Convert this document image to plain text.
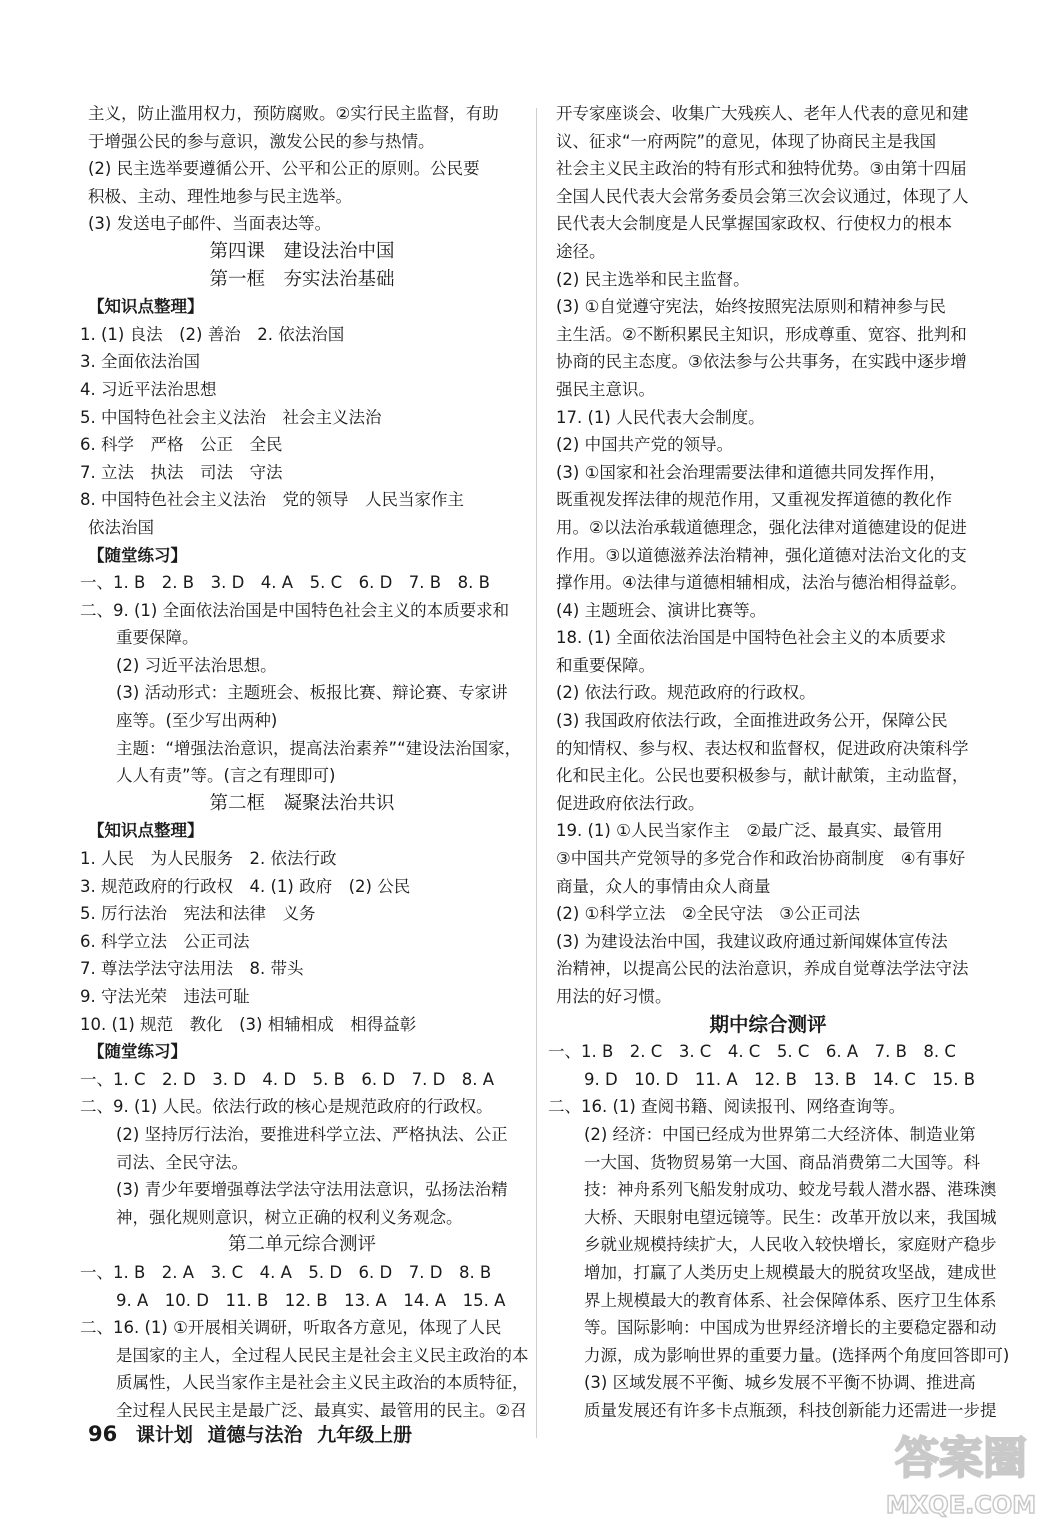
主义，防止滥用权力，预防腐败。②实行民主监督，有助
于增强公民的参与意识，激发公民的参与热情。
(2) 民主选举要遵循公开、公平和公正的原则。公民要
积极、主动、理性地参与民主选举。
(3) 发送电子邮件、当面表达等。
第四课　建设法治中国
第一框　夯实法治基础
【知识点整理】
1. (1) 良法　(2) 善治　2. 依法治国
3. 全面依法治国
4. 习近平法治思想
5. 中国特色社会主义法治　社会主义法治
6. 科学　严格　公正　全民
7. 立法　执法　司法　守法
8. 中国特色社会主义法治　党的领导　人民当家作主
依法治国
【随堂练习】
一、1. B　2. B　3. D　4. A　5. C　6. D　7. B　8. B
二、9. (1) 全面依法治国是中国特色社会主义的本质要求和
重要保障。
(2) 习近平法治思想。
(3) 活动形式：主题班会、板报比赛、辩论赛、专家讲
座等。(至少写出两种)
主题：“增强法治意识，提高法治素养”“建设法治国家，
人人有责”等。(言之有理即可)
第二框　凝聚法治共识
【知识点整理】
1. 人民　为人民服务　2. 依法行政
3. 规范政府的行政权　4. (1) 政府　(2) 公民
5. 厉行法治　宪法和法律　义务
6. 科学立法　公正司法
7. 尊法学法守法用法　8. 带头
9. 守法光荣　违法可耻
10. (1) 规范　教化　(3) 相辅相成　相得益彰
【随堂练习】
一、1. C　2. D　3. D　4. D　5. B　6. D　7. D　8. A
二、9. (1) 人民。依法行政的核心是规范政府的行政权。
(2) 坚持厉行法治，要推进科学立法、严格执法、公正
司法、全民守法。
(3) 青少年要增强尊法学法守法用法意识，弘扬法治精
神，强化规则意识，树立正确的权利义务观念。
第二单元综合测评
一、1. B　2. A　3. C　4. A　5. D　6. D　7. D　8. B
9. A　10. D　11. B　12. B　13. A　14. A　15. A
二、16. (1) ①开展相关调研，听取各方意见，体现了人民
是国家的主人，全过程人民民主是社会主义民主政治的本
质属性，人民当家作主是社会主义民主政治的本质特征，
全过程人民民主是最广泛、最真实、最管用的民主。②召
开专家座谈会、收集广大残疾人、老年人代表的意见和建
议、征求“一府两院”的意见，体现了协商民主是我国
社会主义民主政治的特有形式和独特优势。③由第十四届
全国人民代表大会常务委员会第三次会议通过，体现了人
民代表大会制度是人民掌握国家政权、行使权力的根本
途径。
(2) 民主选举和民主监督。
(3) ①自觉遵守宪法，始终按照宪法原则和精神参与民
主生活。②不断积累民主知识，形成尊重、宽容、批判和
协商的民主态度。③依法参与公共事务，在实践中逐步增
强民主意识。
17. (1) 人民代表大会制度。
(2) 中国共产党的领导。
(3) ①国家和社会治理需要法律和道德共同发挥作用，
既重视发挥法律的规范作用，又重视发挥道德的教化作
用。②以法治承载道德理念，强化法律对道德建设的促进
作用。③以道德滋养法治精神，强化道德对法治文化的支
撑作用。④法律与道德相辅相成，法治与德治相得益彰。
(4) 主题班会、演讲比赛等。
18. (1) 全面依法治国是中国特色社会主义的本质要求
和重要保障。
(2) 依法行政。规范政府的行政权。
(3) 我国政府依法行政，全面推进政务公开，保障公民
的知情权、参与权、表达权和监督权，促进政府决策科学
化和民主化。公民也要积极参与，献计献策，主动监督，
促进政府依法行政。
19. (1) ①人民当家作主　②最广泛、最真实、最管用
③中国共产党领导的多党合作和政治协商制度　④有事好
商量，众人的事情由众人商量
(2) ①科学立法　②全民守法　③公正司法
(3) 为建设法治中国，我建议政府通过新闻媒体宣传法
治精神，以提高公民的法治意识，养成自觉尊法学法守法
用法的好习惯。
期中综合测评
一、1. B　2. C　3. C　4. C　5. C　6. A　7. B　8. C
9. D　10. D　11. A　12. B　13. B　14. C　15. B
二、16. (1) 查阅书籍、阅读报刊、网络查询等。
(2) 经济：中国已经成为世界第二大经济体、制造业第
一大国、货物贸易第一大国、商品消费第二大国等。科
技：神舟系列飞船发射成功、蛟龙号载人潜水器、港珠澳
大桥、天眼射电望远镜等。民生：改革开放以来，我国城
乡就业规模持续扩大，人民收入较快增长，家庭财产稳步
增加，打赢了人类历史上规模最大的脱贫攻坚战，建成世
界上规模最大的教育体系、社会保障体系、医疗卫生体系
等。国际影响：中国成为世界经济增长的主要稳定器和动
力源，成为影响世界的重要力量。(选择两个角度回答即可)
(3) 区域发展不平衡、城乡发展不平衡不协调、推进高
质量发展还有许多卡点瓶颈，科技创新能力还需进一步提
96 课计划 道德与法治 九年级上册	答案圈
MXQE.COM
